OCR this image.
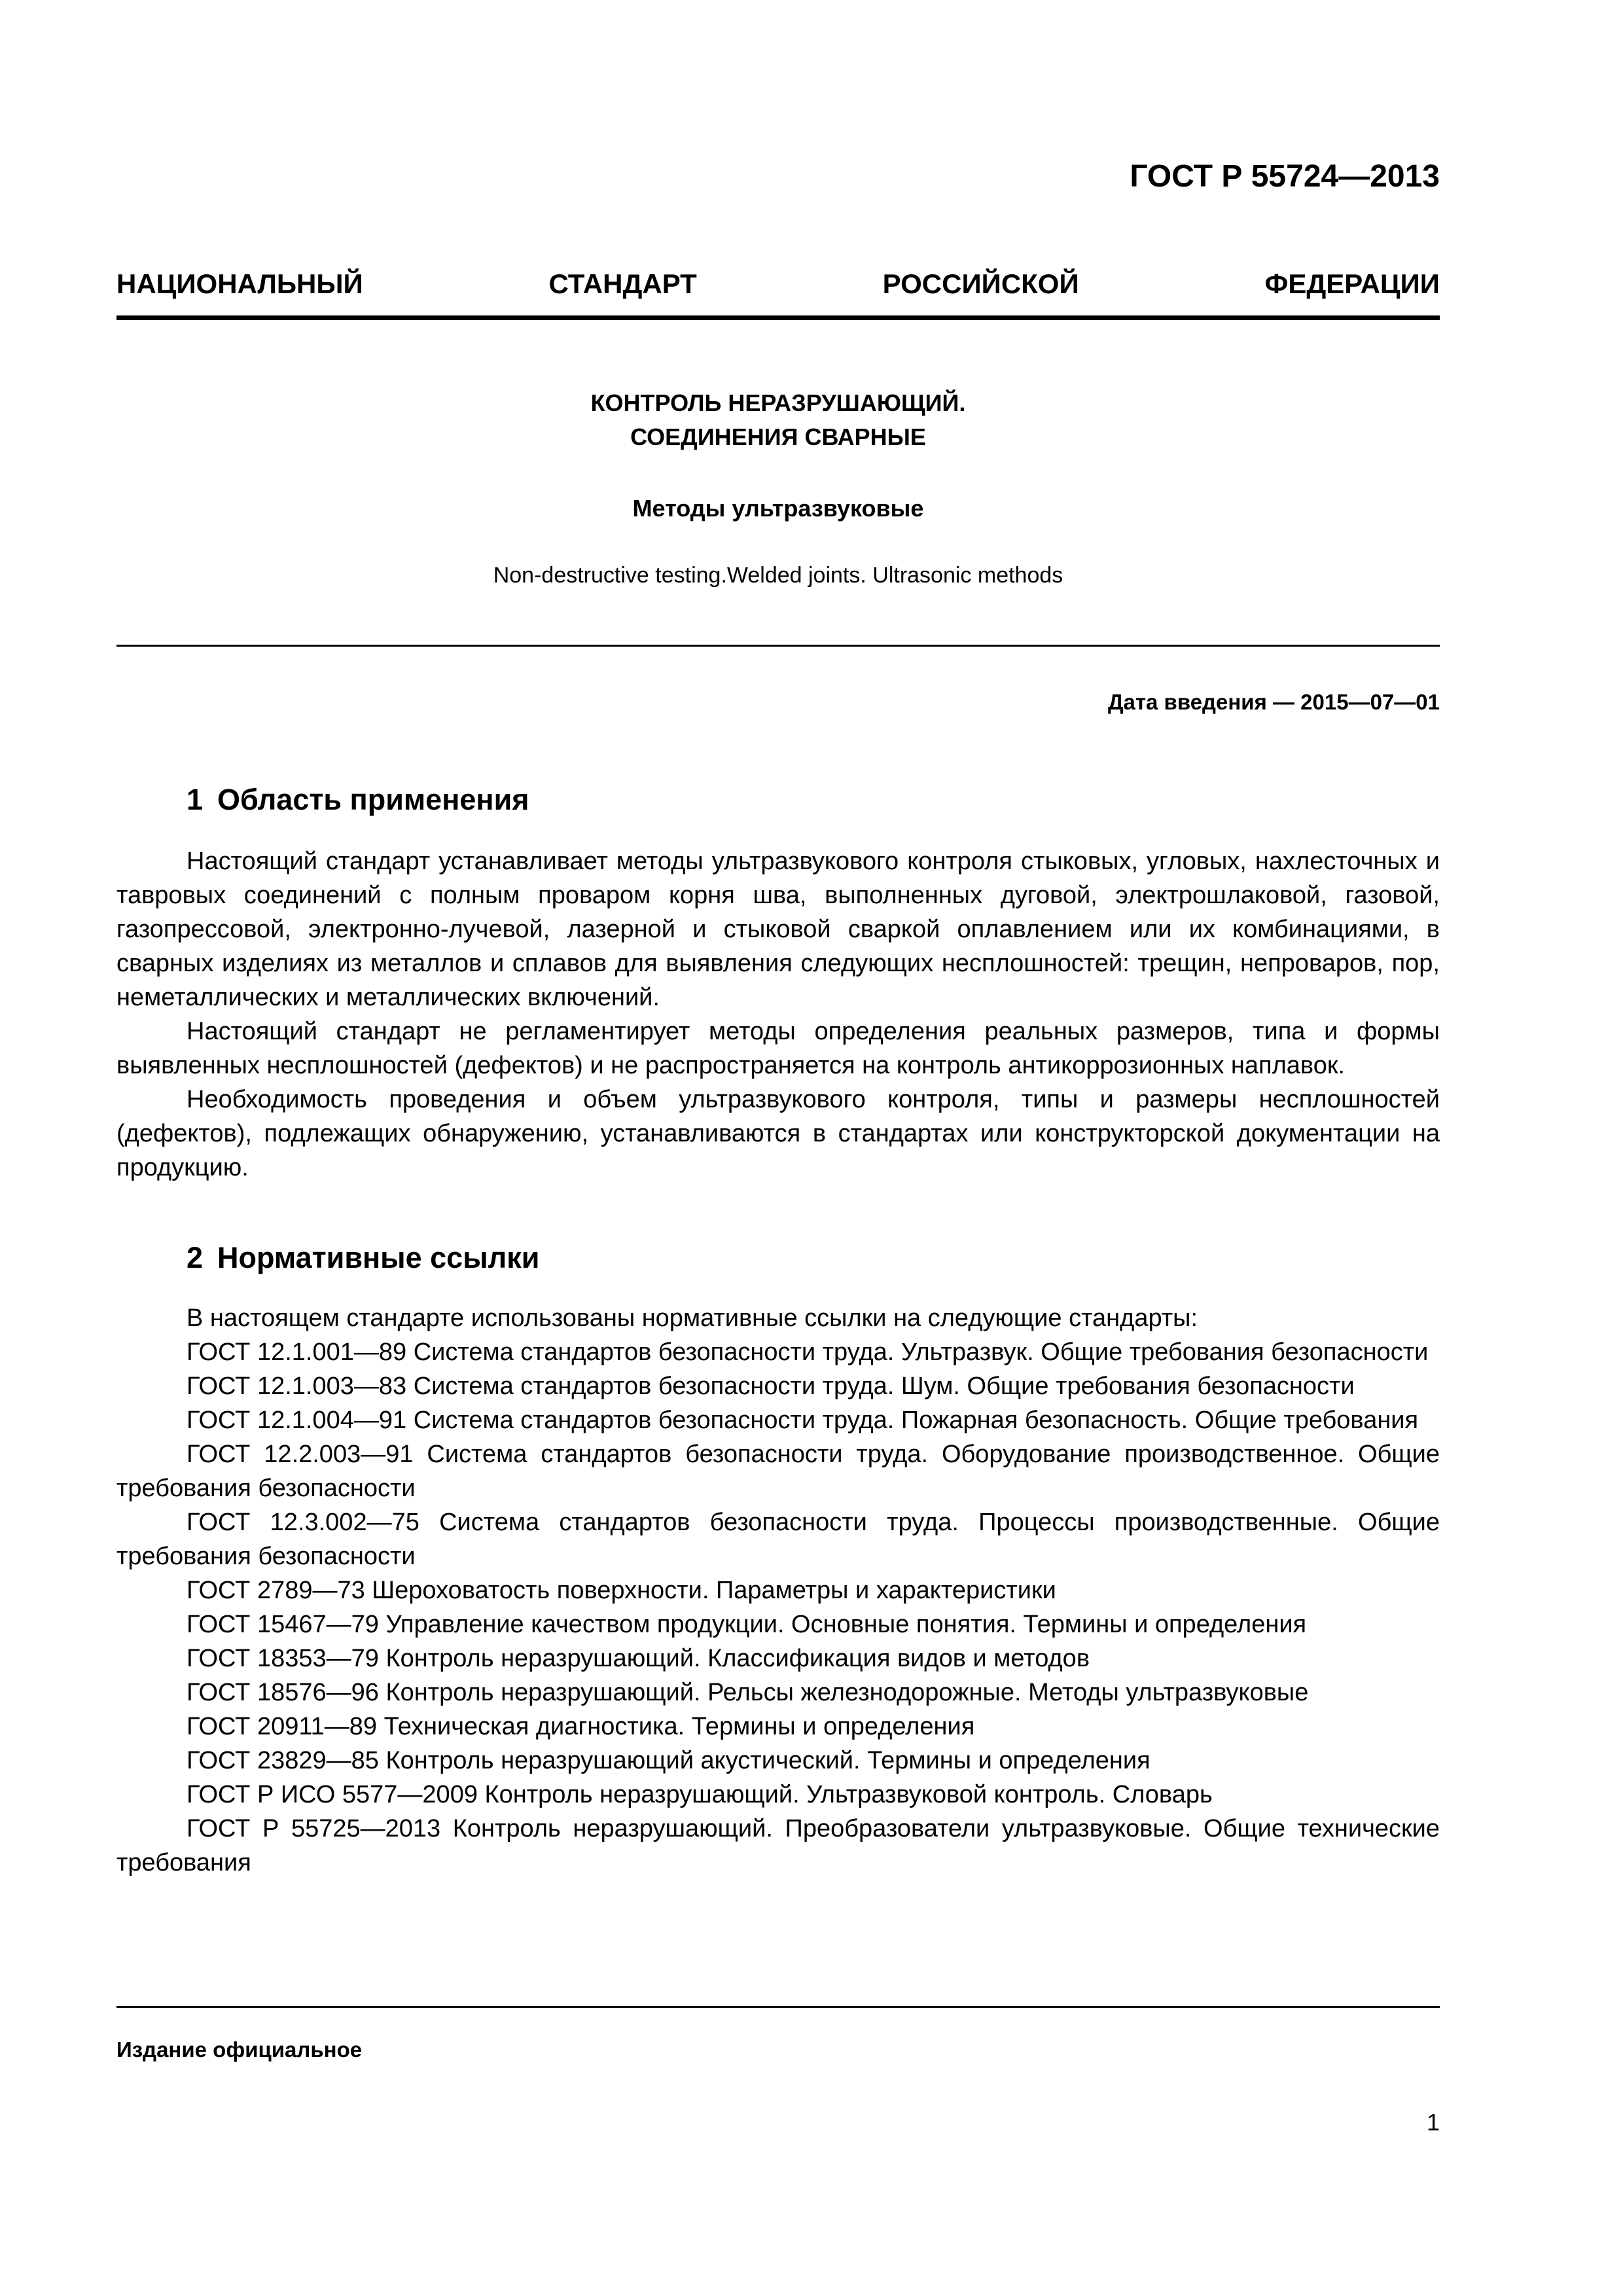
ГОСТ Р 55724—2013
НАЦИОНАЛЬНЫЙ	СТАНДАРТ	РОССИЙСКОЙ	ФЕДЕРАЦИИ
КОНТРОЛЬ НЕРАЗРУШАЮЩИЙ.
СОЕДИНЕНИЯ СВАРНЫЕ
Методы ультразвуковые
Non-destructive testing.Welded joints. Ultrasonic methods
Дата введения — 2015—07—01
1 Область применения

Настоящий стандарт устанавливает методы ультразвукового контроля стыковых, угловых, нахлесточных и тавровых соединений с полным проваром корня шва, выполненных дуговой, электрошлаковой, газовой, газопрессовой, электронно-лучевой, лазерной и стыковой сваркой оплавлением или их комбинациями, в сварных изделиях из металлов и сплавов для выявления следующих несплошностей: трещин, непроваров, пор, неметаллических и металлических включений.

Настоящий стандарт не регламентирует методы определения реальных размеров, типа и формы выявленных несплошностей (дефектов) и не распространяется на контроль антикоррозионных наплавок.

Необходимость проведения и объем ультразвукового контроля, типы и размеры несплошностей (дефектов), подлежащих обнаружению, устанавливаются в стандартах или конструкторской документации на продукцию.

2 Нормативные ссылки

В настоящем стандарте использованы нормативные ссылки на следующие стандарты:

ГОСТ 12.1.001—89 Система стандартов безопасности труда. Ультразвук. Общие требования безопасности

ГОСТ 12.1.003—83 Система стандартов безопасности труда. Шум. Общие требования безопасности

ГОСТ 12.1.004—91 Система стандартов безопасности труда. Пожарная безопасность. Общие требования

ГОСТ 12.2.003—91 Система стандартов безопасности труда. Оборудование производственное. Общие требования безопасности

ГОСТ 12.3.002—75 Система стандартов безопасности труда. Процессы производственные. Общие требования безопасности

ГОСТ 2789—73 Шероховатость поверхности. Параметры и характеристики

ГОСТ 15467—79 Управление качеством продукции. Основные понятия. Термины и определения

ГОСТ 18353—79 Контроль неразрушающий. Классификация видов и методов

ГОСТ 18576—96 Контроль неразрушающий. Рельсы железнодорожные. Методы ультразвуковые

ГОСТ 20911—89 Техническая диагностика. Термины и определения

ГОСТ 23829—85 Контроль неразрушающий акустический. Термины и определения

ГОСТ Р ИСО 5577—2009 Контроль неразрушающий. Ультразвуковой контроль. Словарь

ГОСТ Р 55725—2013 Контроль неразрушающий. Преобразователи ультразвуковые. Общие технические требования

Издание официальное
1
